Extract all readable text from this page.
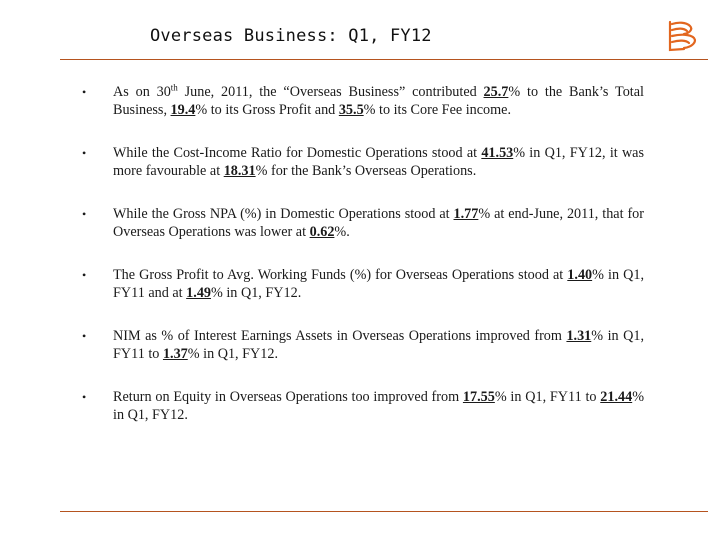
Overseas Business: Q1, FY12
• As on 30th June, 2011, the “Overseas Business” contributed 25.7% to the Bank’s Total Business, 19.4% to its Gross Profit and 35.5% to its Core Fee income.
• While the Cost-Income Ratio for Domestic Operations stood at 41.53% in Q1, FY12, it was more favourable at 18.31% for the Bank’s Overseas Operations.
• While the Gross NPA (%) in Domestic Operations stood at 1.77% at end-June, 2011, that for Overseas Operations was lower at 0.62%.
• The Gross Profit to Avg. Working Funds (%) for Overseas Operations stood at 1.40% in Q1, FY11 and at 1.49% in Q1, FY12.
• NIM as % of Interest Earnings Assets in Overseas Operations improved from 1.31% in Q1, FY11 to 1.37% in Q1, FY12.
• Return on Equity in Overseas Operations too improved from 17.55% in Q1, FY11 to 21.44% in Q1, FY12.
